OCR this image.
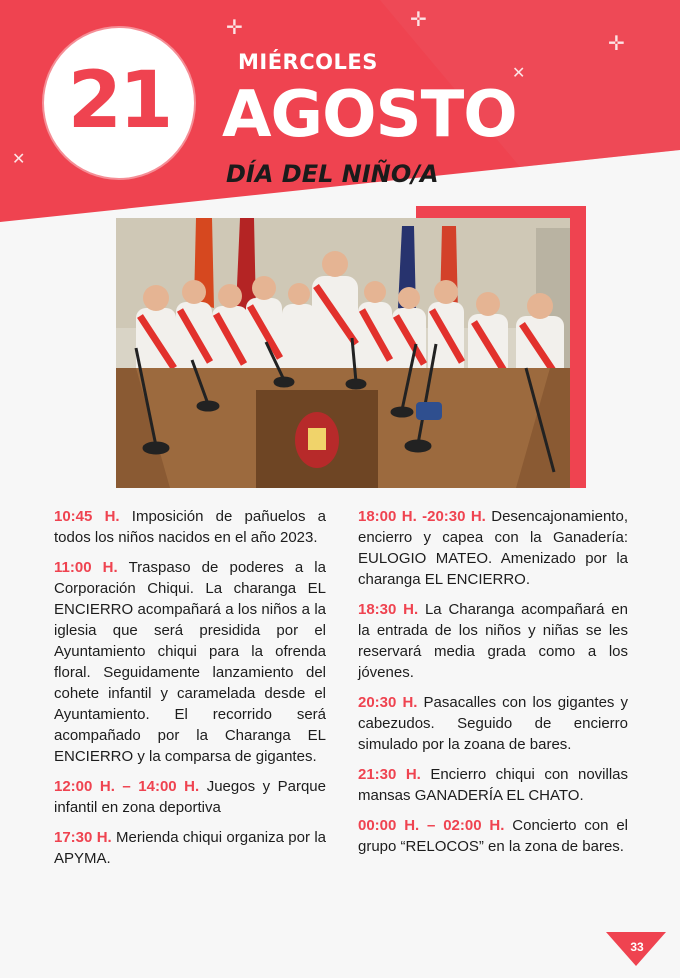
✛	✛
✛
✕
✕
21	MIÉRCOLES
AGOSTO
DÍA DEL NIÑO/A

10:45 H. Imposición de pañuelos a todos los niños nacidos en el año 2023.

11:00 H. Traspaso de poderes a la Corporación Chiqui. La charanga EL ENCIERRO acompañará a los niños a la iglesia que será presidida por el Ayuntamiento chiqui para la ofrenda floral. Seguidamente lanzamiento del cohete infantil y caramelada desde el Ayuntamiento. El recorrido será acompañado por la Charanga EL ENCIERRO y la comparsa de gigantes.

12:00 H. – 14:00 H. Juegos y Parque infantil en zona deportiva

17:30 H. Merienda chiqui organiza por la APYMA.

18:00 H. -20:30 H. Desencajonamiento, encierro y capea con la Ganadería: EULOGIO MATEO. Amenizado por la charanga EL ENCIERRO.

18:30 H. La Charanga acompañará en la entrada de los niños y niñas se les reservará media grada como a los jóvenes.

20:30 H. Pasacalles con los gigantes y cabezudos. Seguido de encierro simulado por la zoana de bares.

21:30 H. Encierro chiqui con novillas mansas GANADERÍA EL CHATO.

00:00 H. – 02:00 H. Concierto con el grupo “RELOCOS” en la zona de bares.

33
